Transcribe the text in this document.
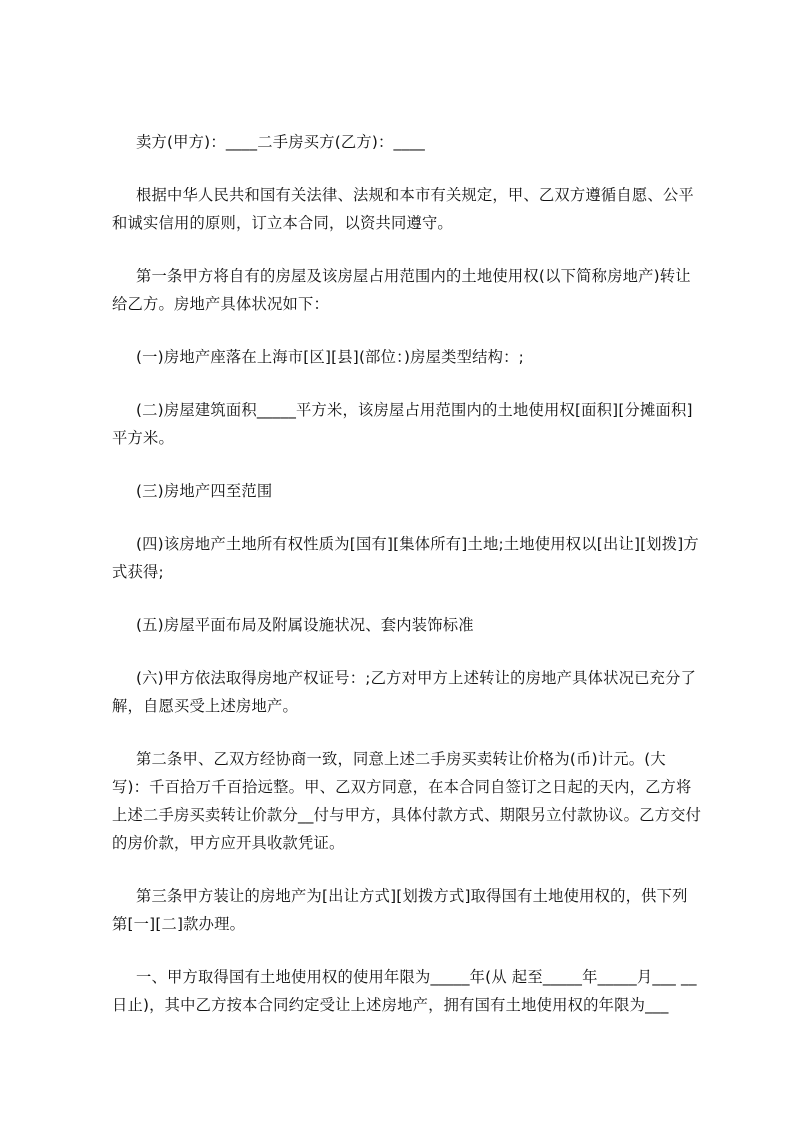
卖方(甲方)：____二手房买方(乙方)：____

根据中华人民共和国有关法律、法规和本市有关规定，甲、乙双方遵循自愿、公平和诚实信用的原则，订立本合同，以资共同遵守。

第一条甲方将自有的房屋及该房屋占用范围内的土地使用权(以下简称房地产)转让给乙方。房地产具体状况如下：

(一)房地产座落在上海市[区][县](部位：)房屋类型结构：;

(二)房屋建筑面积_____平方米，该房屋占用范围内的土地使用权[面积][分摊面积]平方米。

(三)房地产四至范围

(四)该房地产土地所有权性质为[国有][集体所有]土地;土地使用权以[出让][划拨]方式获得;

(五)房屋平面布局及附属设施状况、套内装饰标准

(六)甲方依法取得房地产权证号：;乙方对甲方上述转让的房地产具体状况已充分了解，自愿买受上述房地产。

第二条甲、乙双方经协商一致，同意上述二手房买卖转让价格为(币)计元。(大写)：千百拾万千百拾远整。甲、乙双方同意，在本合同自签订之日起的天内，乙方将上述二手房买卖转让价款分__付与甲方，具体付款方式、期限另立付款协议。乙方交付的房价款，甲方应开具收款凭证。

第三条甲方装让的房地产为[出让方式][划拨方式]取得国有土地使用权的，供下列第[一][二]款办理。

一、甲方取得国有土地使用权的使用年限为_____年(从 起至_____年_____月___ __日止)，其中乙方按本合同约定受让上述房地产，拥有国有土地使用权的年限为___
